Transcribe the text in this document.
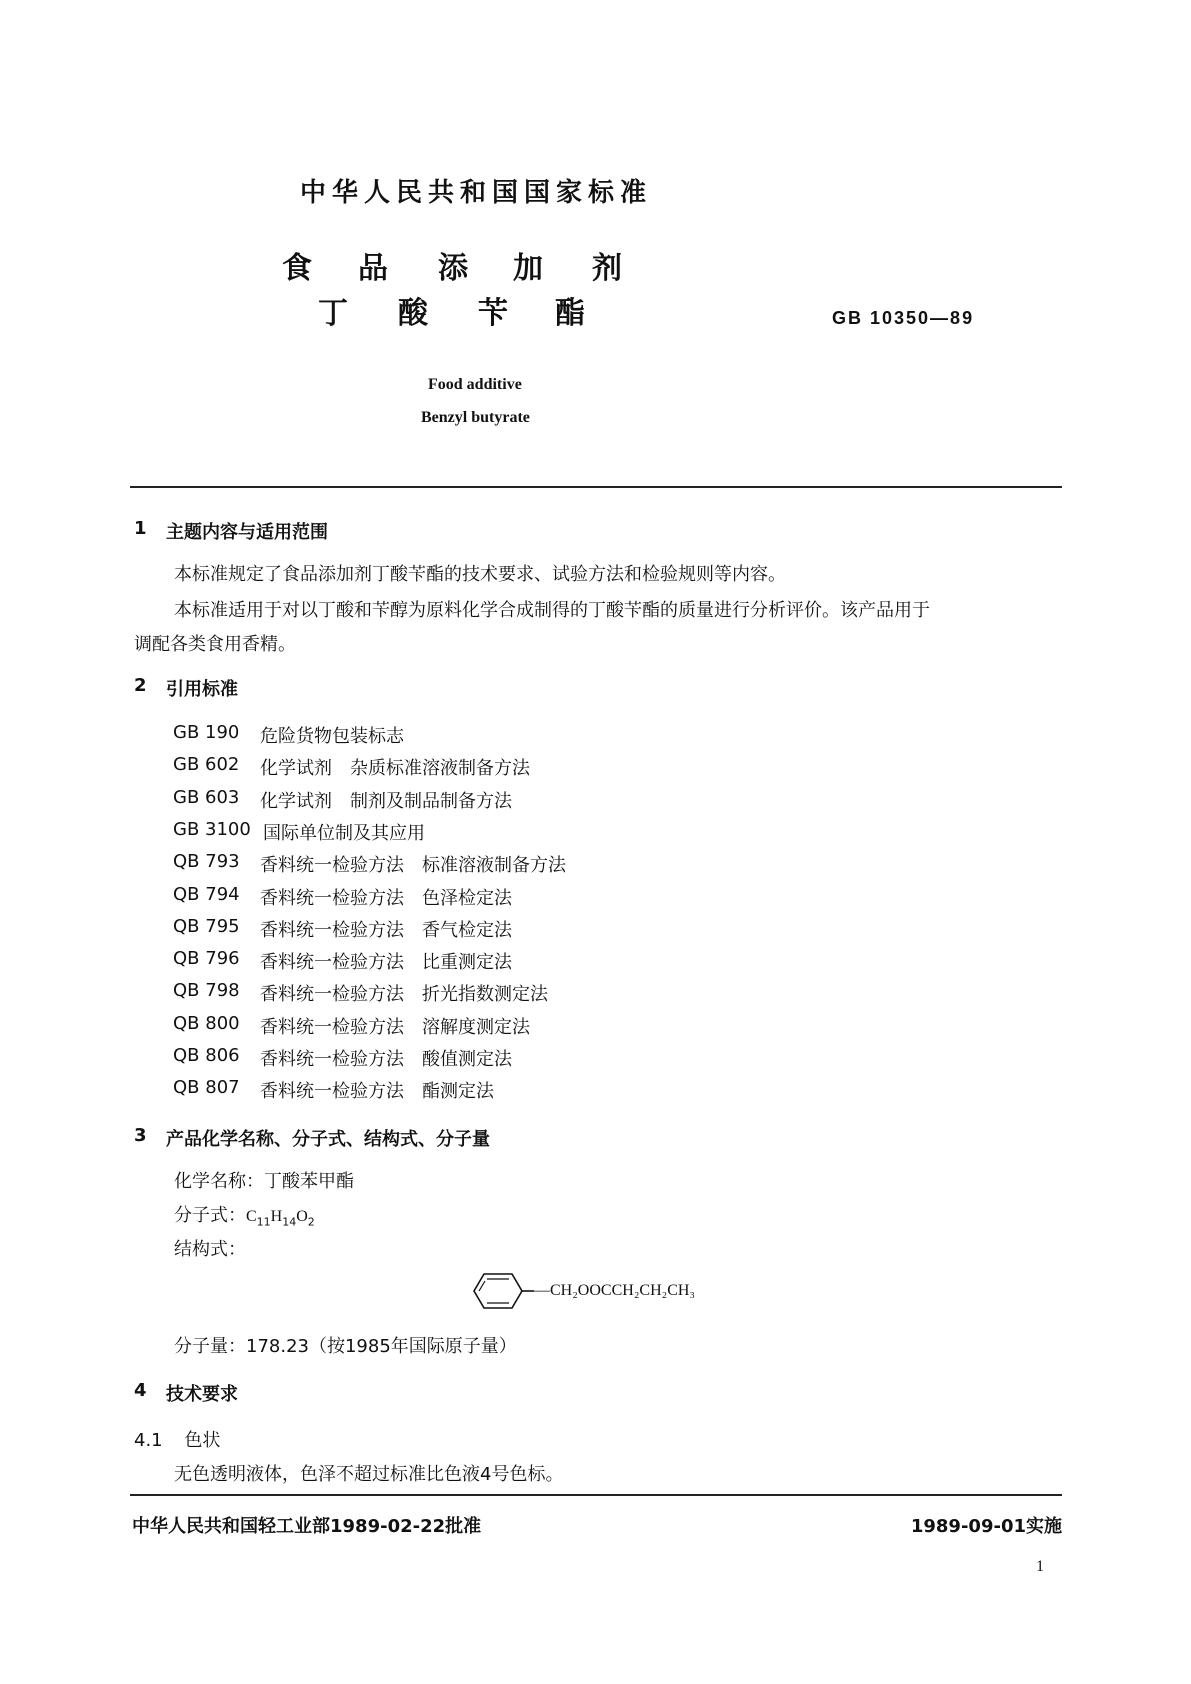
中华人民共和国国家标准
食 品 添 加 剂
丁 酸 苄 酯	GB 10350—89
Food additive
Benzyl butyrate
1 主题内容与适用范围
本标准规定了食品添加剂丁酸苄酯的技术要求、试验方法和检验规则等内容。
本标准适用于对以丁酸和苄醇为原料化学合成制得的丁酸苄酯的质量进行分析评价。该产品用于
调配各类食用香精。
2 引用标准
GB 190 危险货物包装标志
GB 602 化学试剂　杂质标准溶液制备方法
GB 603 化学试剂　制剂及制品制备方法
GB 3100 国际单位制及其应用
QB 793 香料统一检验方法　标准溶液制备方法
QB 794 香料统一检验方法　色泽检定法
QB 795 香料统一检验方法　香气检定法
QB 796 香料统一检验方法　比重测定法
QB 798 香料统一检验方法　折光指数测定法
QB 800 香料统一检验方法　溶解度测定法
QB 806 香料统一检验方法　酸值测定法
QB 807 香料统一检验方法　酯测定法
3 产品化学名称、分子式、结构式、分子量
化学名称：丁酸苯甲酯
分子式：$C_{11}H_{14}O_2$
结构式：
—CH₂OOCCH₂CH₂CH₃
分子量：178.23（按1985年国际原子量）
4 技术要求
4.1 色状
无色透明液体，色泽不超过标准比色液4号色标。
中华人民共和国轻工业部1989-02-22批准	1989-09-01实施
1
